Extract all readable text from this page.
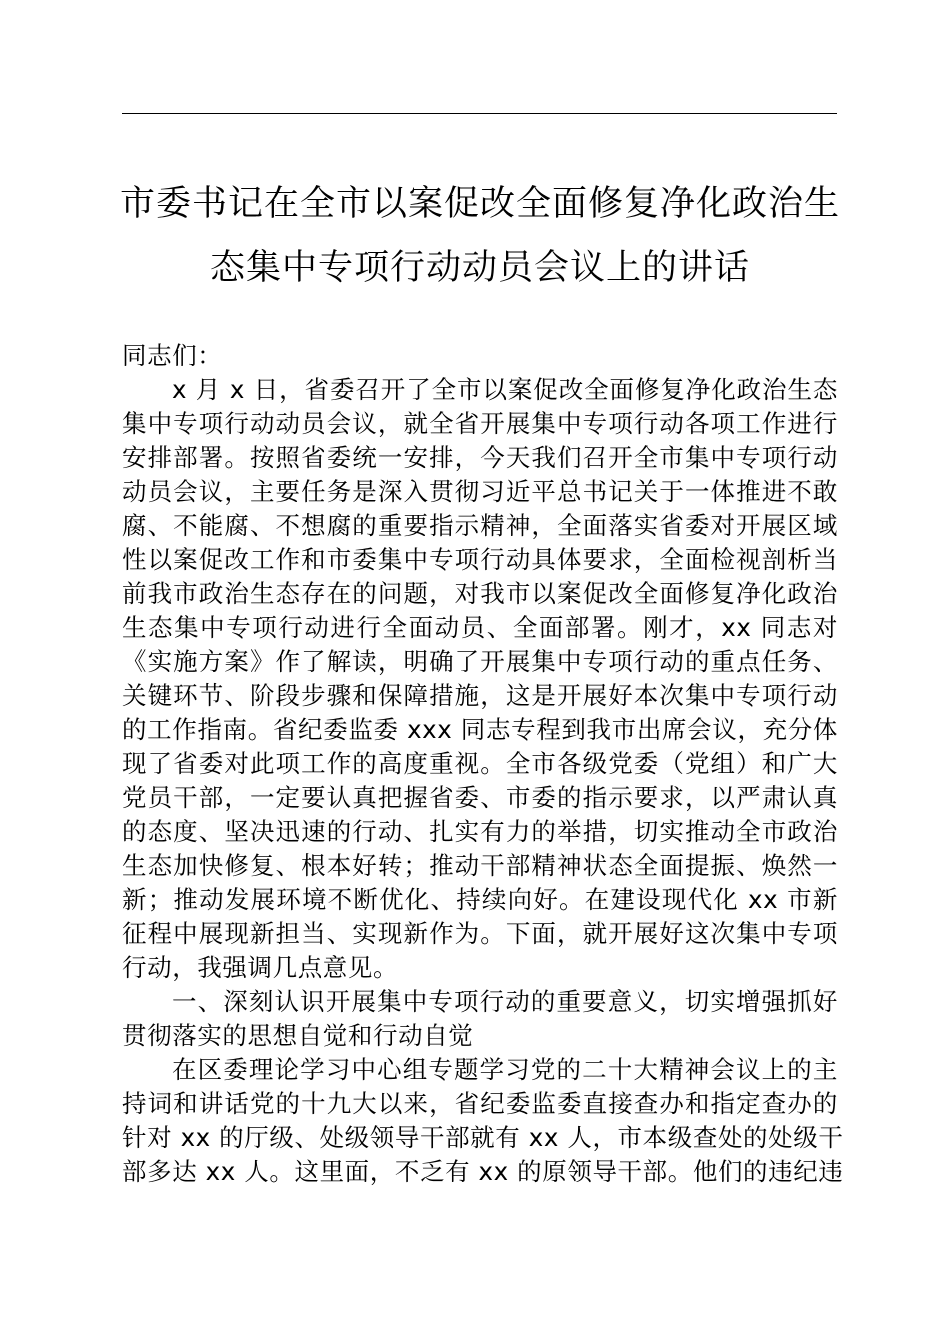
市委书记在全市以案促改全面修复净化政治生
态集中专项行动动员会议上的讲话
同志们：
x 月 x 日，省委召开了全市以案促改全面修复净化政治生态
集中专项行动动员会议，就全省开展集中专项行动各项工作进行
安排部署。按照省委统一安排，今天我们召开全市集中专项行动
动员会议，主要任务是深入贯彻习近平总书记关于一体推进不敢
腐、不能腐、不想腐的重要指示精神，全面落实省委对开展区域
性以案促改工作和市委集中专项行动具体要求，全面检视剖析当
前我市政治生态存在的问题，对我市以案促改全面修复净化政治
生态集中专项行动进行全面动员、全面部署。刚才，xx 同志对
《实施方案》作了解读，明确了开展集中专项行动的重点任务、
关键环节、阶段步骤和保障措施，这是开展好本次集中专项行动
的工作指南。省纪委监委 xxx 同志专程到我市出席会议，充分体
现了省委对此项工作的高度重视。全市各级党委（党组）和广大
党员干部，一定要认真把握省委、市委的指示要求，以严肃认真
的态度、坚决迅速的行动、扎实有力的举措，切实推动全市政治
生态加快修复、根本好转；推动干部精神状态全面提振、焕然一
新；推动发展环境不断优化、持续向好。在建设现代化 xx 市新
征程中展现新担当、实现新作为。下面，就开展好这次集中专项
行动，我强调几点意见。
一、深刻认识开展集中专项行动的重要意义，切实增强抓好
贯彻落实的思想自觉和行动自觉
在区委理论学习中心组专题学习党的二十大精神会议上的主
持词和讲话党的十九大以来，省纪委监委直接查办和指定查办的
针对 xx 的厅级、处级领导干部就有 xx 人，市本级查处的处级干
部多达 xx 人。这里面，不乏有 xx 的原领导干部。他们的违纪违
